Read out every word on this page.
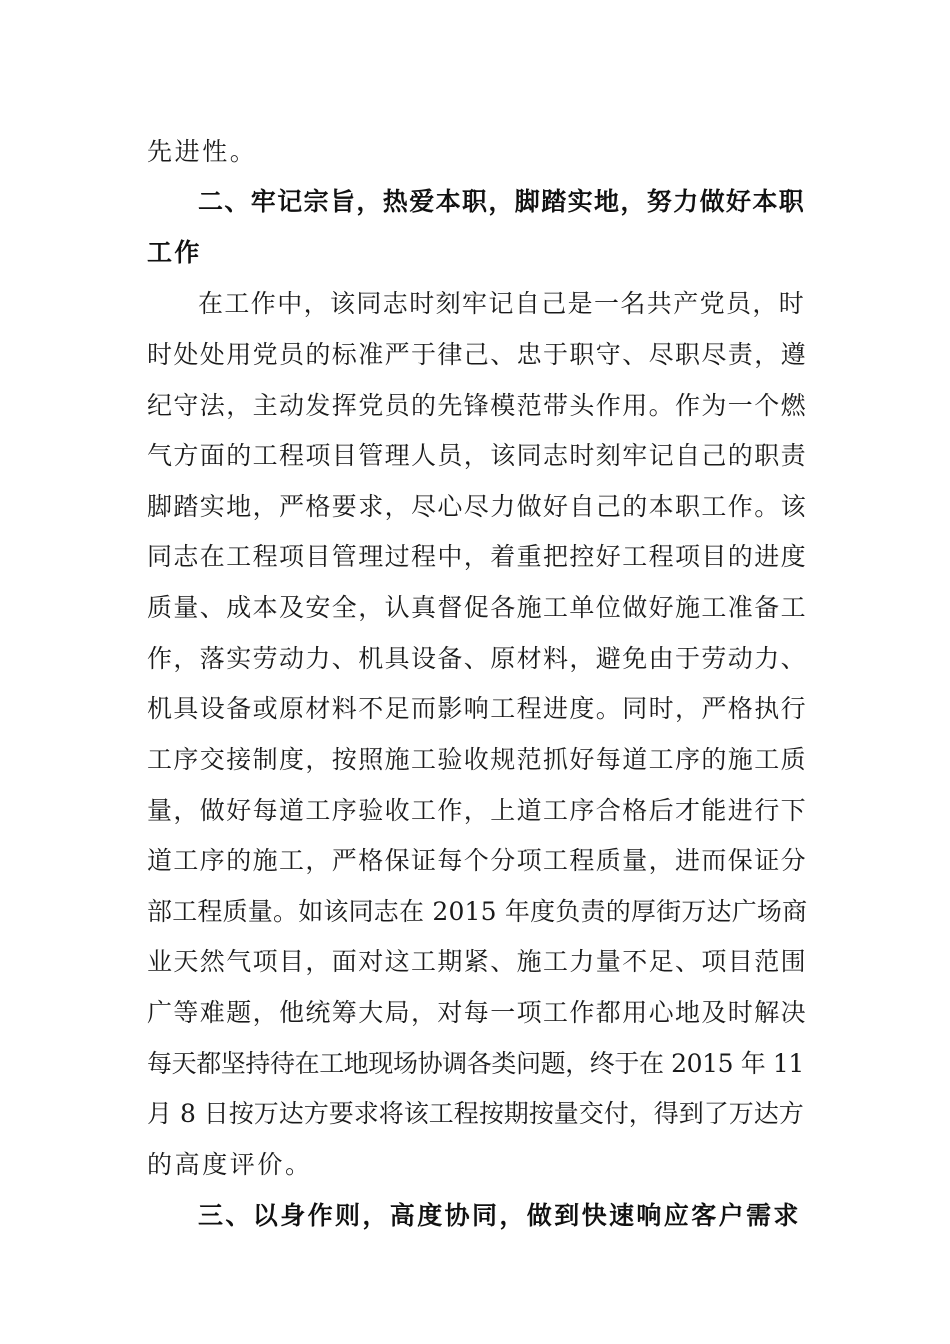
先进性。

二、牢记宗旨，热爱本职，脚踏实地，努力做好本职

工作

在工作中，该同志时刻牢记自己是一名共产党员，时

时处处用党员的标准严于律己、忠于职守、尽职尽责，遵

纪守法，主动发挥党员的先锋模范带头作用。作为一个燃

气方面的工程项目管理人员，该同志时刻牢记自己的职责

脚踏实地，严格要求，尽心尽力做好自己的本职工作。该

同志在工程项目管理过程中，着重把控好工程项目的进度

质量、成本及安全，认真督促各施工单位做好施工准备工

作，落实劳动力、机具设备、原材料，避免由于劳动力、

机具设备或原材料不足而影响工程进度。同时，严格执行

工序交接制度，按照施工验收规范抓好每道工序的施工质

量，做好每道工序验收工作，上道工序合格后才能进行下

道工序的施工，严格保证每个分项工程质量，进而保证分

部工程质量。如该同志在 2015 年度负责的厚街万达广场商

业天然气项目，面对这工期紧、施工力量不足、项目范围

广等难题，他统筹大局，对每一项工作都用心地及时解决

每天都坚持待在工地现场协调各类问题，终于在 2015 年 11

月 8 日按万达方要求将该工程按期按量交付，得到了万达方

的高度评价。

三、以身作则，高度协同，做到快速响应客户需求
